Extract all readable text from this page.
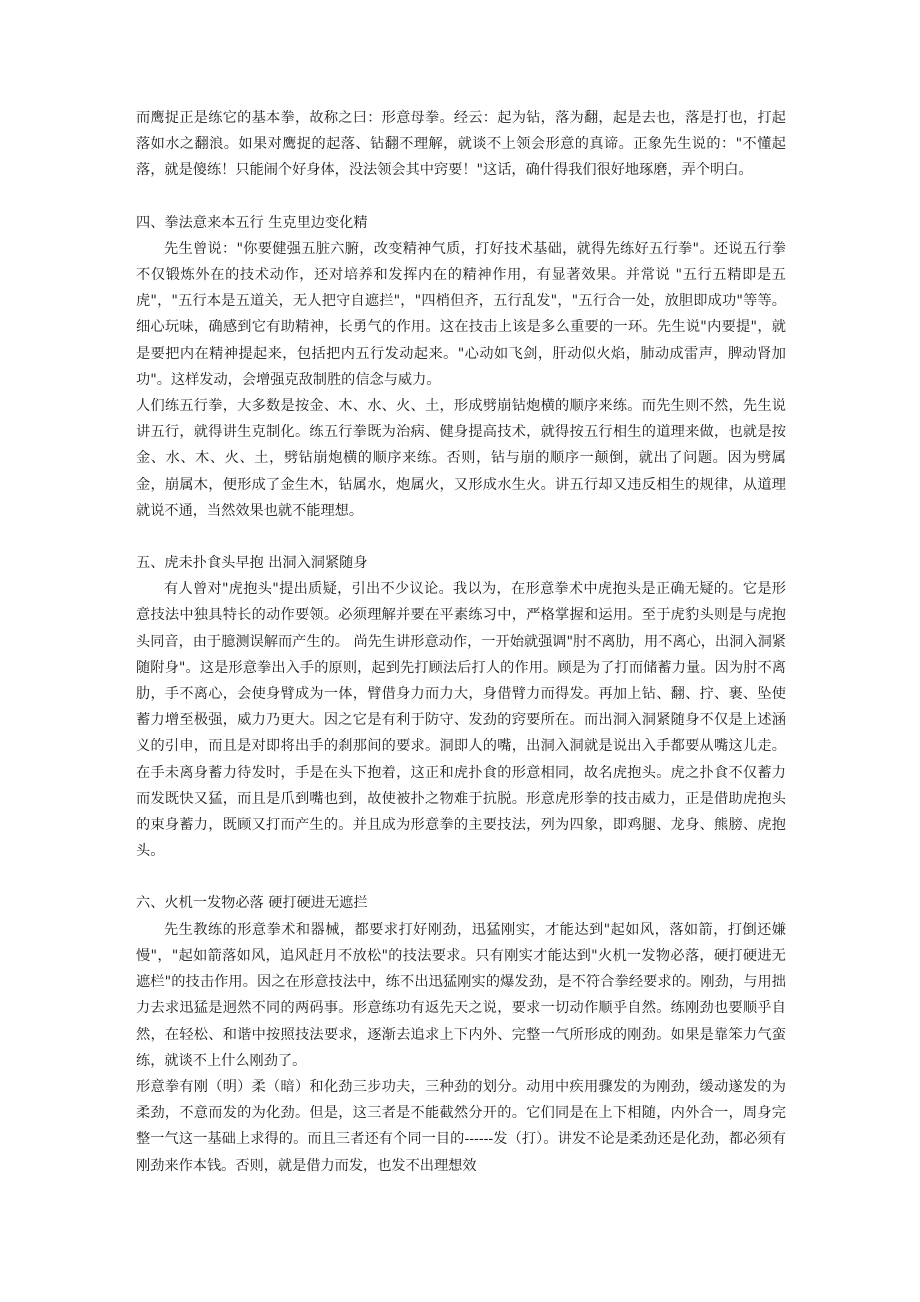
而鹰捉正是练它的基本拳，故称之曰：形意母拳。经云：起为钻，落为翻，起是去也，落是打也，打起落如水之翻浪。如果对鹰捉的起落、钻翻不理解，就谈不上领会形意的真谛。正象先生说的："不懂起落，就是傻练！只能闹个好身体，没法领会其中窍要！"这话，确什得我们很好地琢磨，弄个明白。

四、拳法意来本五行 生克里边变化精

先生曾说："你要健强五脏六腑，改变精神气质，打好技术基础，就得先练好五行拳"。还说五行拳不仅锻炼外在的技术动作，还对培养和发挥内在的精神作用，有显著效果。并常说 "五行五精即是五虎"，"五行本是五道关，无人把守自遮拦"，"四梢但齐，五行乱发"，"五行合一处，放胆即成功"等等。细心玩味，确感到它有助精神，长勇气的作用。这在技击上该是多么重要的一环。先生说"内要提"，就是要把内在精神提起来，包括把内五行发动起来。"心动如飞剑，肝动似火焰，肺动成雷声，脾动肾加功"。这样发动，会增强克敌制胜的信念与威力。

人们练五行拳，大多数是按金、木、水、火、土，形成劈崩钻炮横的顺序来练。而先生则不然，先生说讲五行，就得讲生克制化。练五行拳既为治病、健身提高技术，就得按五行相生的道理来做，也就是按金、水、木、火、土，劈钻崩炮横的顺序来练。否则，钻与崩的顺序一颠倒，就出了问题。因为劈属金，崩属木，便形成了金生木，钻属水，炮属火，又形成水生火。讲五行却又违反相生的规律，从道理就说不通，当然效果也就不能理想。

五、虎未扑食头早抱 出洞入洞紧随身

有人曾对"虎抱头"提出质疑，引出不少议论。我以为，在形意拳术中虎抱头是正确无疑的。它是形意技法中独具特长的动作要领。必须理解并要在平素练习中，严格掌握和运用。至于虎豹头则是与虎抱头同音，由于臆测误解而产生的。 尚先生讲形意动作，一开始就强调"肘不离肋，用不离心，出洞入洞紧随附身"。这是形意拳出入手的原则，起到先打顾法后打人的作用。顾是为了打而储蓄力量。因为肘不离肋，手不离心，会使身臂成为一体，臂借身力而力大，身借臂力而得发。再加上钻、翻、拧、裹、坠使蓄力增至极强，威力乃更大。因之它是有利于防守、发劲的窍要所在。而出洞入洞紧随身不仅是上述涵义的引申，而且是对即将出手的刹那间的要求。洞即人的嘴，出洞入洞就是说出入手都要从嘴这儿走。在手未离身蓄力待发时，手是在头下抱着，这正和虎扑食的形意相同，故名虎抱头。虎之扑食不仅蓄力而发既快又猛，而且是爪到嘴也到，故使被扑之物难于抗脱。形意虎形拳的技击威力，正是借助虎抱头的束身蓄力，既顾又打而产生的。并且成为形意拳的主要技法，列为四象，即鸡腿、龙身、熊膀、虎抱头。

六、火机一发物必落 硬打硬进无遮拦

先生教练的形意拳术和器械，都要求打好刚劲，迅猛刚实，才能达到"起如风，落如箭，打倒还嫌慢"，"起如箭落如风，追风赶月不放松"的技法要求。只有刚实才能达到"火机一发物必落，硬打硬进无遮栏"的技击作用。因之在形意技法中，练不出迅猛刚实的爆发劲，是不符合拳经要求的。刚劲，与用拙力去求迅猛是迥然不同的两码事。形意练功有返先天之说，要求一切动作顺乎自然。练刚劲也要顺乎自然，在轻松、和谐中按照技法要求，逐渐去追求上下内外、完整一气所形成的刚劲。如果是靠笨力气蛮练，就谈不上什么刚劲了。

形意拳有刚（明）柔（暗）和化劲三步功夫，三种劲的划分。动用中疾用骤发的为刚劲，缓动遂发的为柔劲，不意而发的为化劲。但是，这三者是不能截然分开的。它们同是在上下相随，内外合一，周身完整一气这一基础上求得的。而且三者还有个同一目的------发（打）。讲发不论是柔劲还是化劲，都必须有刚劲来作本钱。否则，就是借力而发，也发不出理想效
